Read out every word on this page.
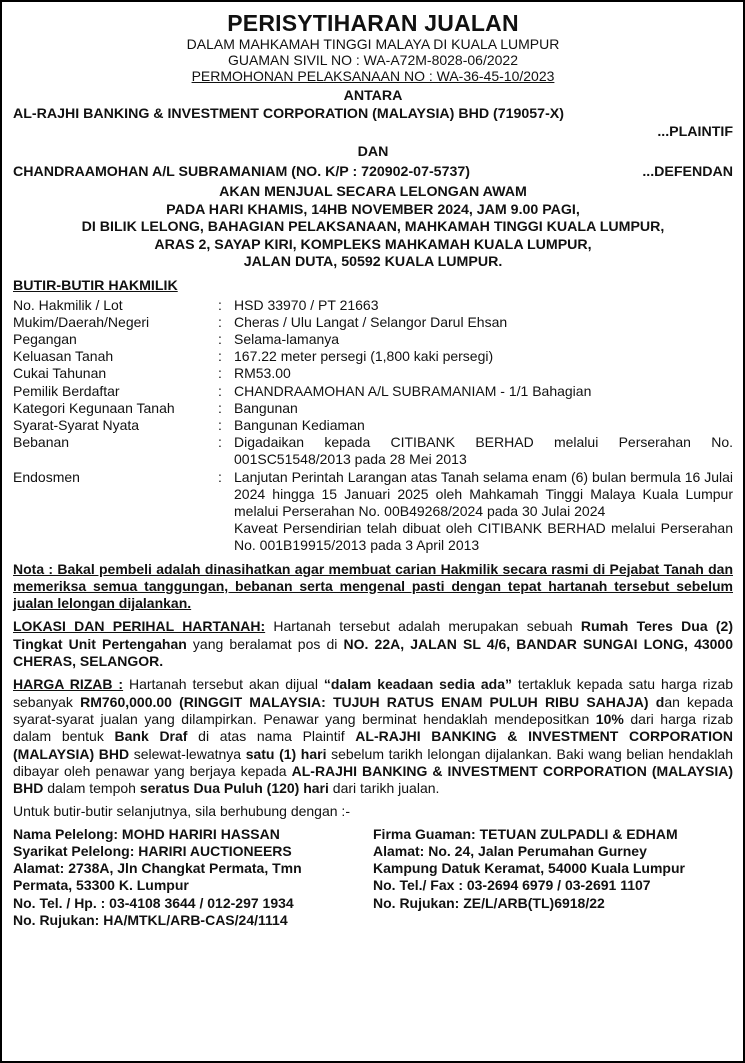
PERISYTIHARAN JUALAN
DALAM MAHKAMAH TINGGI MALAYA DI KUALA LUMPUR
GUAMAN SIVIL NO : WA-A72M-8028-06/2022
PERMOHONAN PELAKSANAAN NO : WA-36-45-10/2023
ANTARA
AL-RAJHI BANKING & INVESTMENT CORPORATION (MALAYSIA) BHD (719057-X)
...PLAINTIF
DAN
CHANDRAAMOHAN A/L SUBRAMANIAM (NO. K/P : 720902-07-5737)	...DEFENDAN
AKAN MENJUAL SECARA LELONGAN AWAM
PADA HARI KHAMIS, 14HB NOVEMBER 2024, JAM 9.00 PAGI,
DI BILIK LELONG, BAHAGIAN PELAKSANAAN, MAHKAMAH TINGGI KUALA LUMPUR,
ARAS 2, SAYAP KIRI, KOMPLEKS MAHKAMAH KUALA LUMPUR,
JALAN DUTA, 50592 KUALA LUMPUR.
BUTIR-BUTIR HAKMILIK
No. Hakmilik / Lot	: HSD 33970 / PT 21663
Mukim/Daerah/Negeri	: Cheras / Ulu Langat / Selangor Darul Ehsan
Pegangan	: Selama-lamanya
Keluasan Tanah	: 167.22 meter persegi (1,800 kaki persegi)
Cukai Tahunan	: RM53.00
Pemilik Berdaftar	: CHANDRAAMOHAN A/L SUBRAMANIAM - 1/1 Bahagian
Kategori Kegunaan Tanah	: Bangunan
Syarat-Syarat Nyata	: Bangunan Kediaman
Bebanan	: Digadaikan kepada CITIBANK BERHAD melalui Perserahan No. 001SC51548/2013 pada 28 Mei 2013
Endosmen	: Lanjutan Perintah Larangan atas Tanah selama enam (6) bulan bermula 16 Julai 2024 hingga 15 Januari 2025 oleh Mahkamah Tinggi Malaya Kuala Lumpur melalui Perserahan No. 00B49268/2024 pada 30 Julai 2024
Kaveat Persendirian telah dibuat oleh CITIBANK BERHAD melalui Perserahan No. 001B19915/2013 pada 3 April 2013
Nota : Bakal pembeli adalah dinasihatkan agar membuat carian Hakmilik secara rasmi di Pejabat Tanah dan memeriksa semua tanggungan, bebanan serta mengenal pasti dengan tepat hartanah tersebut sebelum jualan lelongan dijalankan.
LOKASI DAN PERIHAL HARTANAH: Hartanah tersebut adalah merupakan sebuah Rumah Teres Dua (2) Tingkat Unit Pertengahan yang beralamat pos di NO. 22A, JALAN SL 4/6, BANDAR SUNGAI LONG, 43000 CHERAS, SELANGOR.
HARGA RIZAB : Hartanah tersebut akan dijual “dalam keadaan sedia ada” tertakluk kepada satu harga rizab sebanyak RM760,000.00 (RINGGIT MALAYSIA: TUJUH RATUS ENAM PULUH RIBU SAHAJA) dan kepada syarat-syarat jualan yang dilampirkan. Penawar yang berminat hendaklah mendepositkan 10% dari harga rizab dalam bentuk Bank Draf di atas nama Plaintif AL-RAJHI BANKING & INVESTMENT CORPORATION (MALAYSIA) BHD selewat-lewatnya satu (1) hari sebelum tarikh lelongan dijalankan. Baki wang belian hendaklah dibayar oleh penawar yang berjaya kepada AL-RAJHI BANKING & INVESTMENT CORPORATION (MALAYSIA) BHD dalam tempoh seratus Dua Puluh (120) hari dari tarikh jualan.
Untuk butir-butir selanjutnya, sila berhubung dengan :-
Nama Pelelong: MOHD HARIRI HASSAN
Syarikat Pelelong: HARIRI AUCTIONEERS
Alamat: 2738A, Jln Changkat Permata, Tmn
Permata, 53300 K. Lumpur
No. Tel. / Hp. : 03-4108 3644 / 012-297 1934
No. Rujukan: HA/MTKL/ARB-CAS/24/1114
Firma Guaman: TETUAN ZULPADLI & EDHAM
Alamat: No. 24, Jalan Perumahan Gurney
Kampung Datuk Keramat, 54000 Kuala Lumpur
No. Tel./ Fax : 03-2694 6979 / 03-2691 1107
No. Rujukan: ZE/L/ARB(TL)6918/22
